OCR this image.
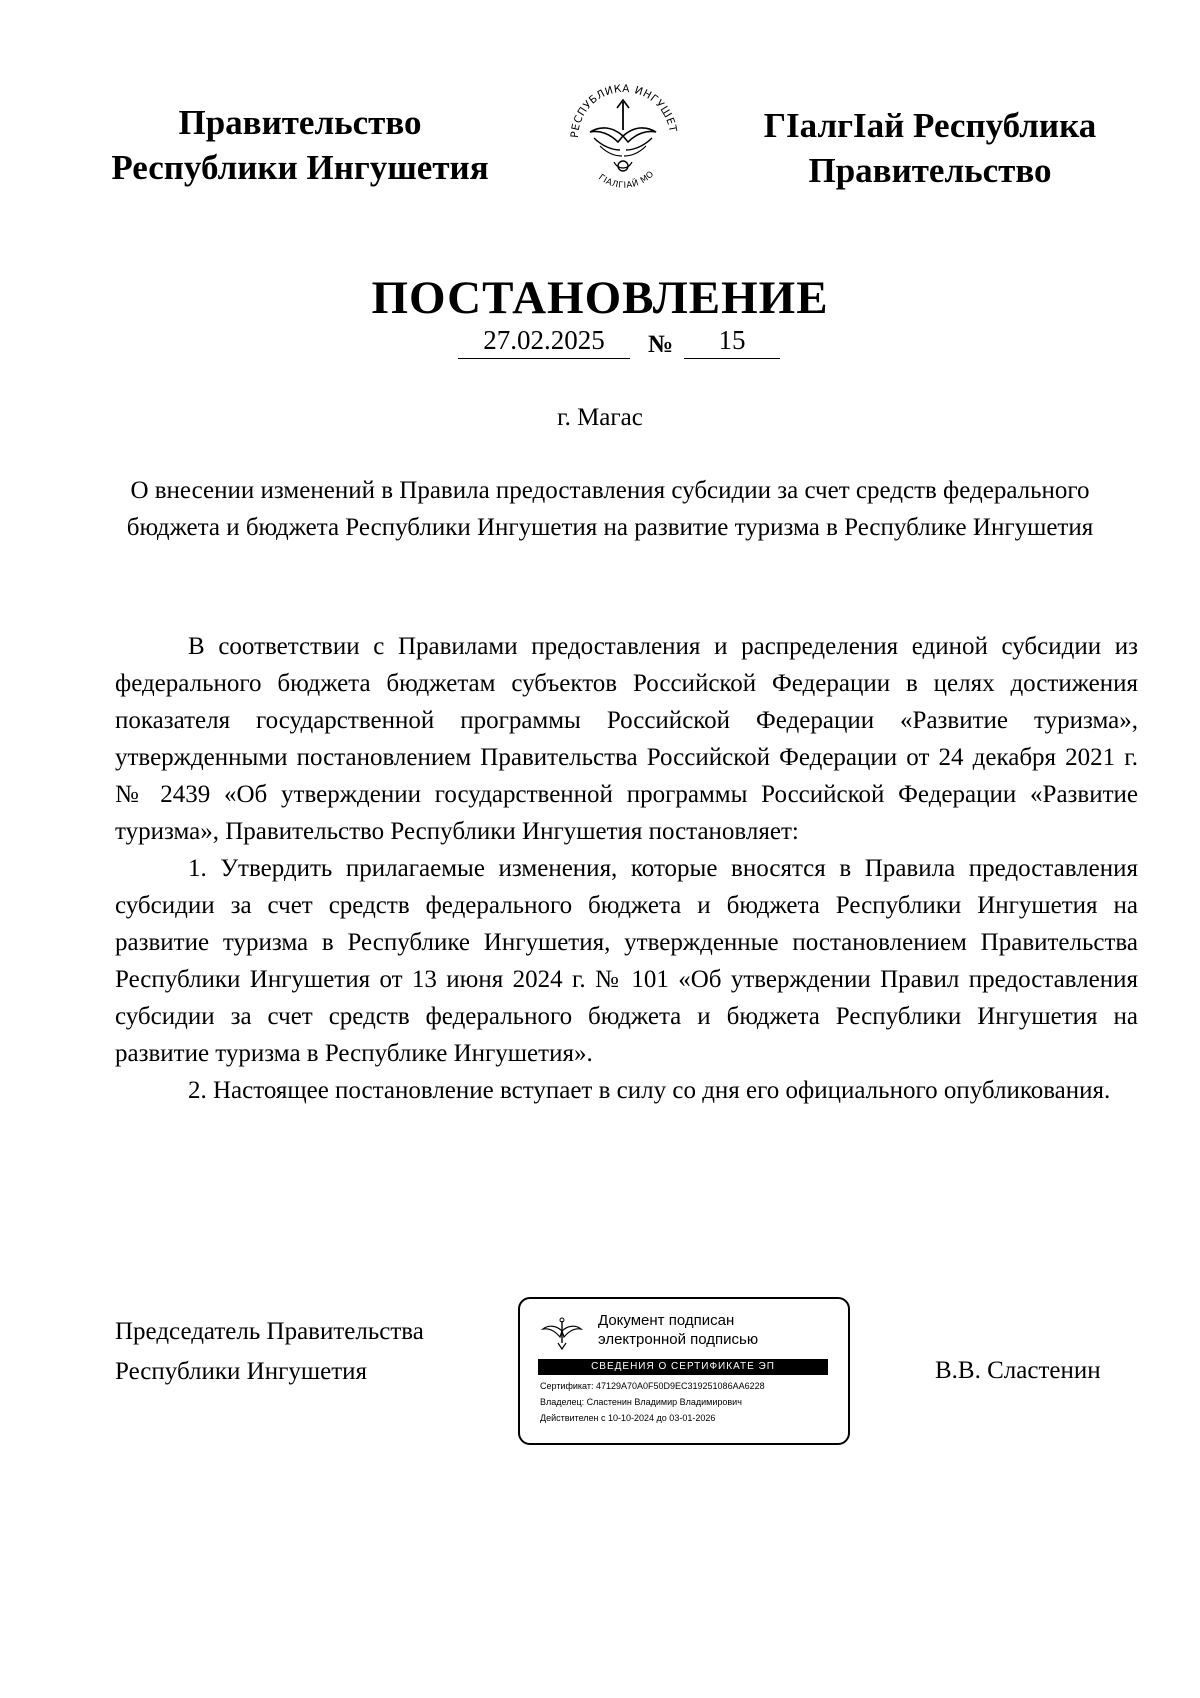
Правительство
Республики Ингушетия
РЕСПУБЛИКА ИНГУШЕТ
ГIАЛГIАЙ МО
ГIалгIай Республика
Правительство
ПОСТАНОВЛЕНИЕ
27.02.2025	№	15
г. Магас
О внесении изменений в Правила предоставления субсидии за счет средств федерального бюджета и бюджета Республики Ингушетия на развитие туризма в Республике Ингушетия

В соответствии с Правилами предоставления и распределения единой субсидии из федерального бюджета бюджетам субъектов Российской Федерации в целях достижения показателя государственной программы Российской Федерации «Развитие туризма», утвержденными постановлением Правительства Российской Федерации от 24 декабря 2021 г. № 2439 «Об утверждении государственной программы Российской Федерации «Развитие туризма», Правительство Республики Ингушетия постановляет:

1. Утвердить прилагаемые изменения, которые вносятся в Правила предоставления субсидии за счет средств федерального бюджета и бюджета Республики Ингушетия на развитие туризма в Республике Ингушетия, утвержденные постановлением Правительства Республики Ингушетия от 13 июня 2024 г. № 101 «Об утверждении Правил предоставления субсидии за счет средств федерального бюджета и бюджета Республики Ингушетия на развитие туризма в Республике Ингушетия».

2. Настоящее постановление вступает в силу со дня его официального опубликования.

Председатель Правительства
Республики Ингушетия
Документ подписан
электронной подписью
СВЕДЕНИЯ О СЕРТИФИКАТЕ ЭП
Сертификат: 47129A70A0F50D9EC319251086AA6228
Владелец: Сластенин Владимир Владимирович
Действителен с 10-10-2024 до 03-01-2026
В.В. Сластенин
